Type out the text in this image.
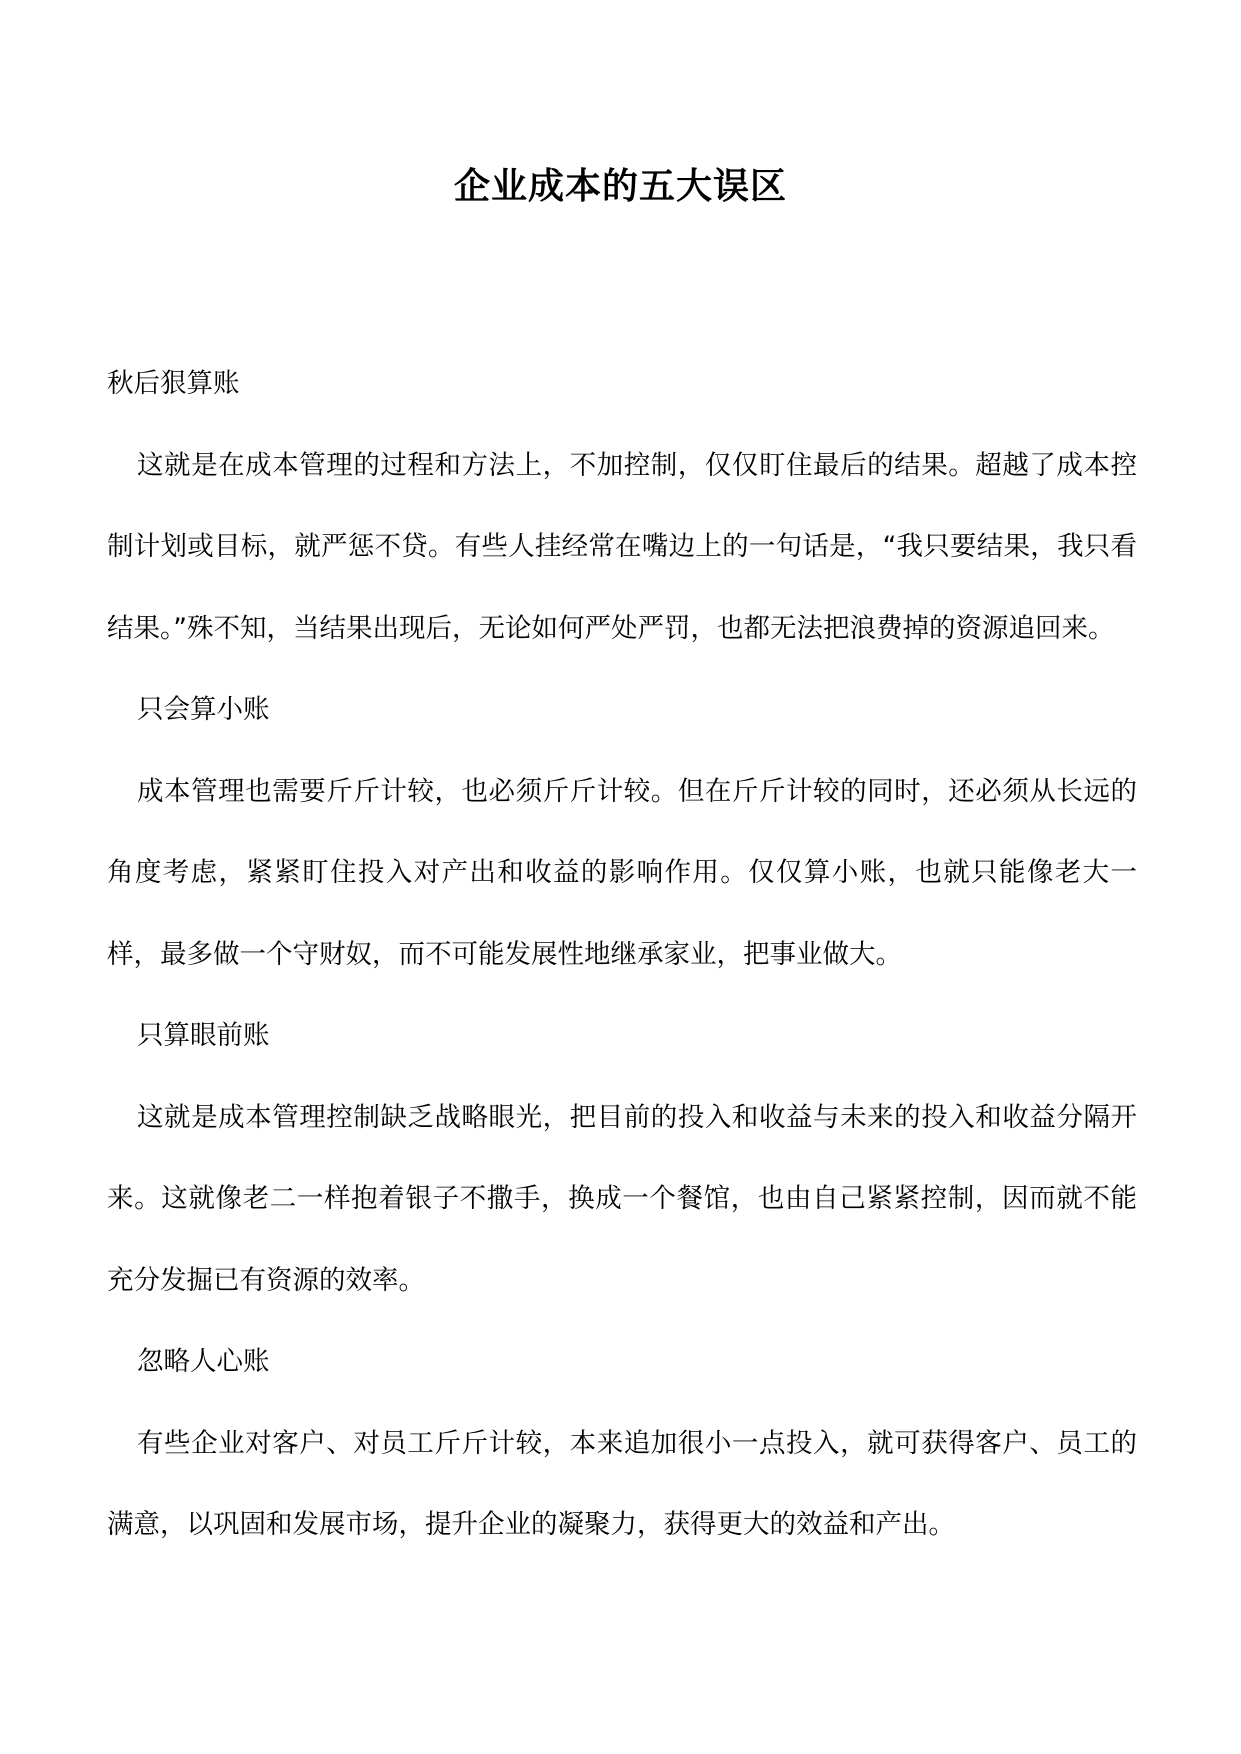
企业成本的五大误区

秋后狠算账

这就是在成本管理的过程和方法上，不加控制，仅仅盯住最后的结果。超越了成本控制计划或目标，就严惩不贷。有些人挂经常在嘴边上的一句话是，“我只要结果，我只看结果。”殊不知，当结果出现后，无论如何严处严罚，也都无法把浪费掉的资源追回来。

只会算小账

成本管理也需要斤斤计较，也必须斤斤计较。但在斤斤计较的同时，还必须从长远的角度考虑，紧紧盯住投入对产出和收益的影响作用。仅仅算小账，也就只能像老大一样，最多做一个守财奴，而不可能发展性地继承家业，把事业做大。

只算眼前账

这就是成本管理控制缺乏战略眼光，把目前的投入和收益与未来的投入和收益分隔开来。这就像老二一样抱着银子不撒手，换成一个餐馆，也由自己紧紧控制，因而就不能充分发掘已有资源的效率。

忽略人心账

有些企业对客户、对员工斤斤计较，本来追加很小一点投入，就可获得客户、员工的满意，以巩固和发展市场，提升企业的凝聚力，获得更大的效益和产出。
